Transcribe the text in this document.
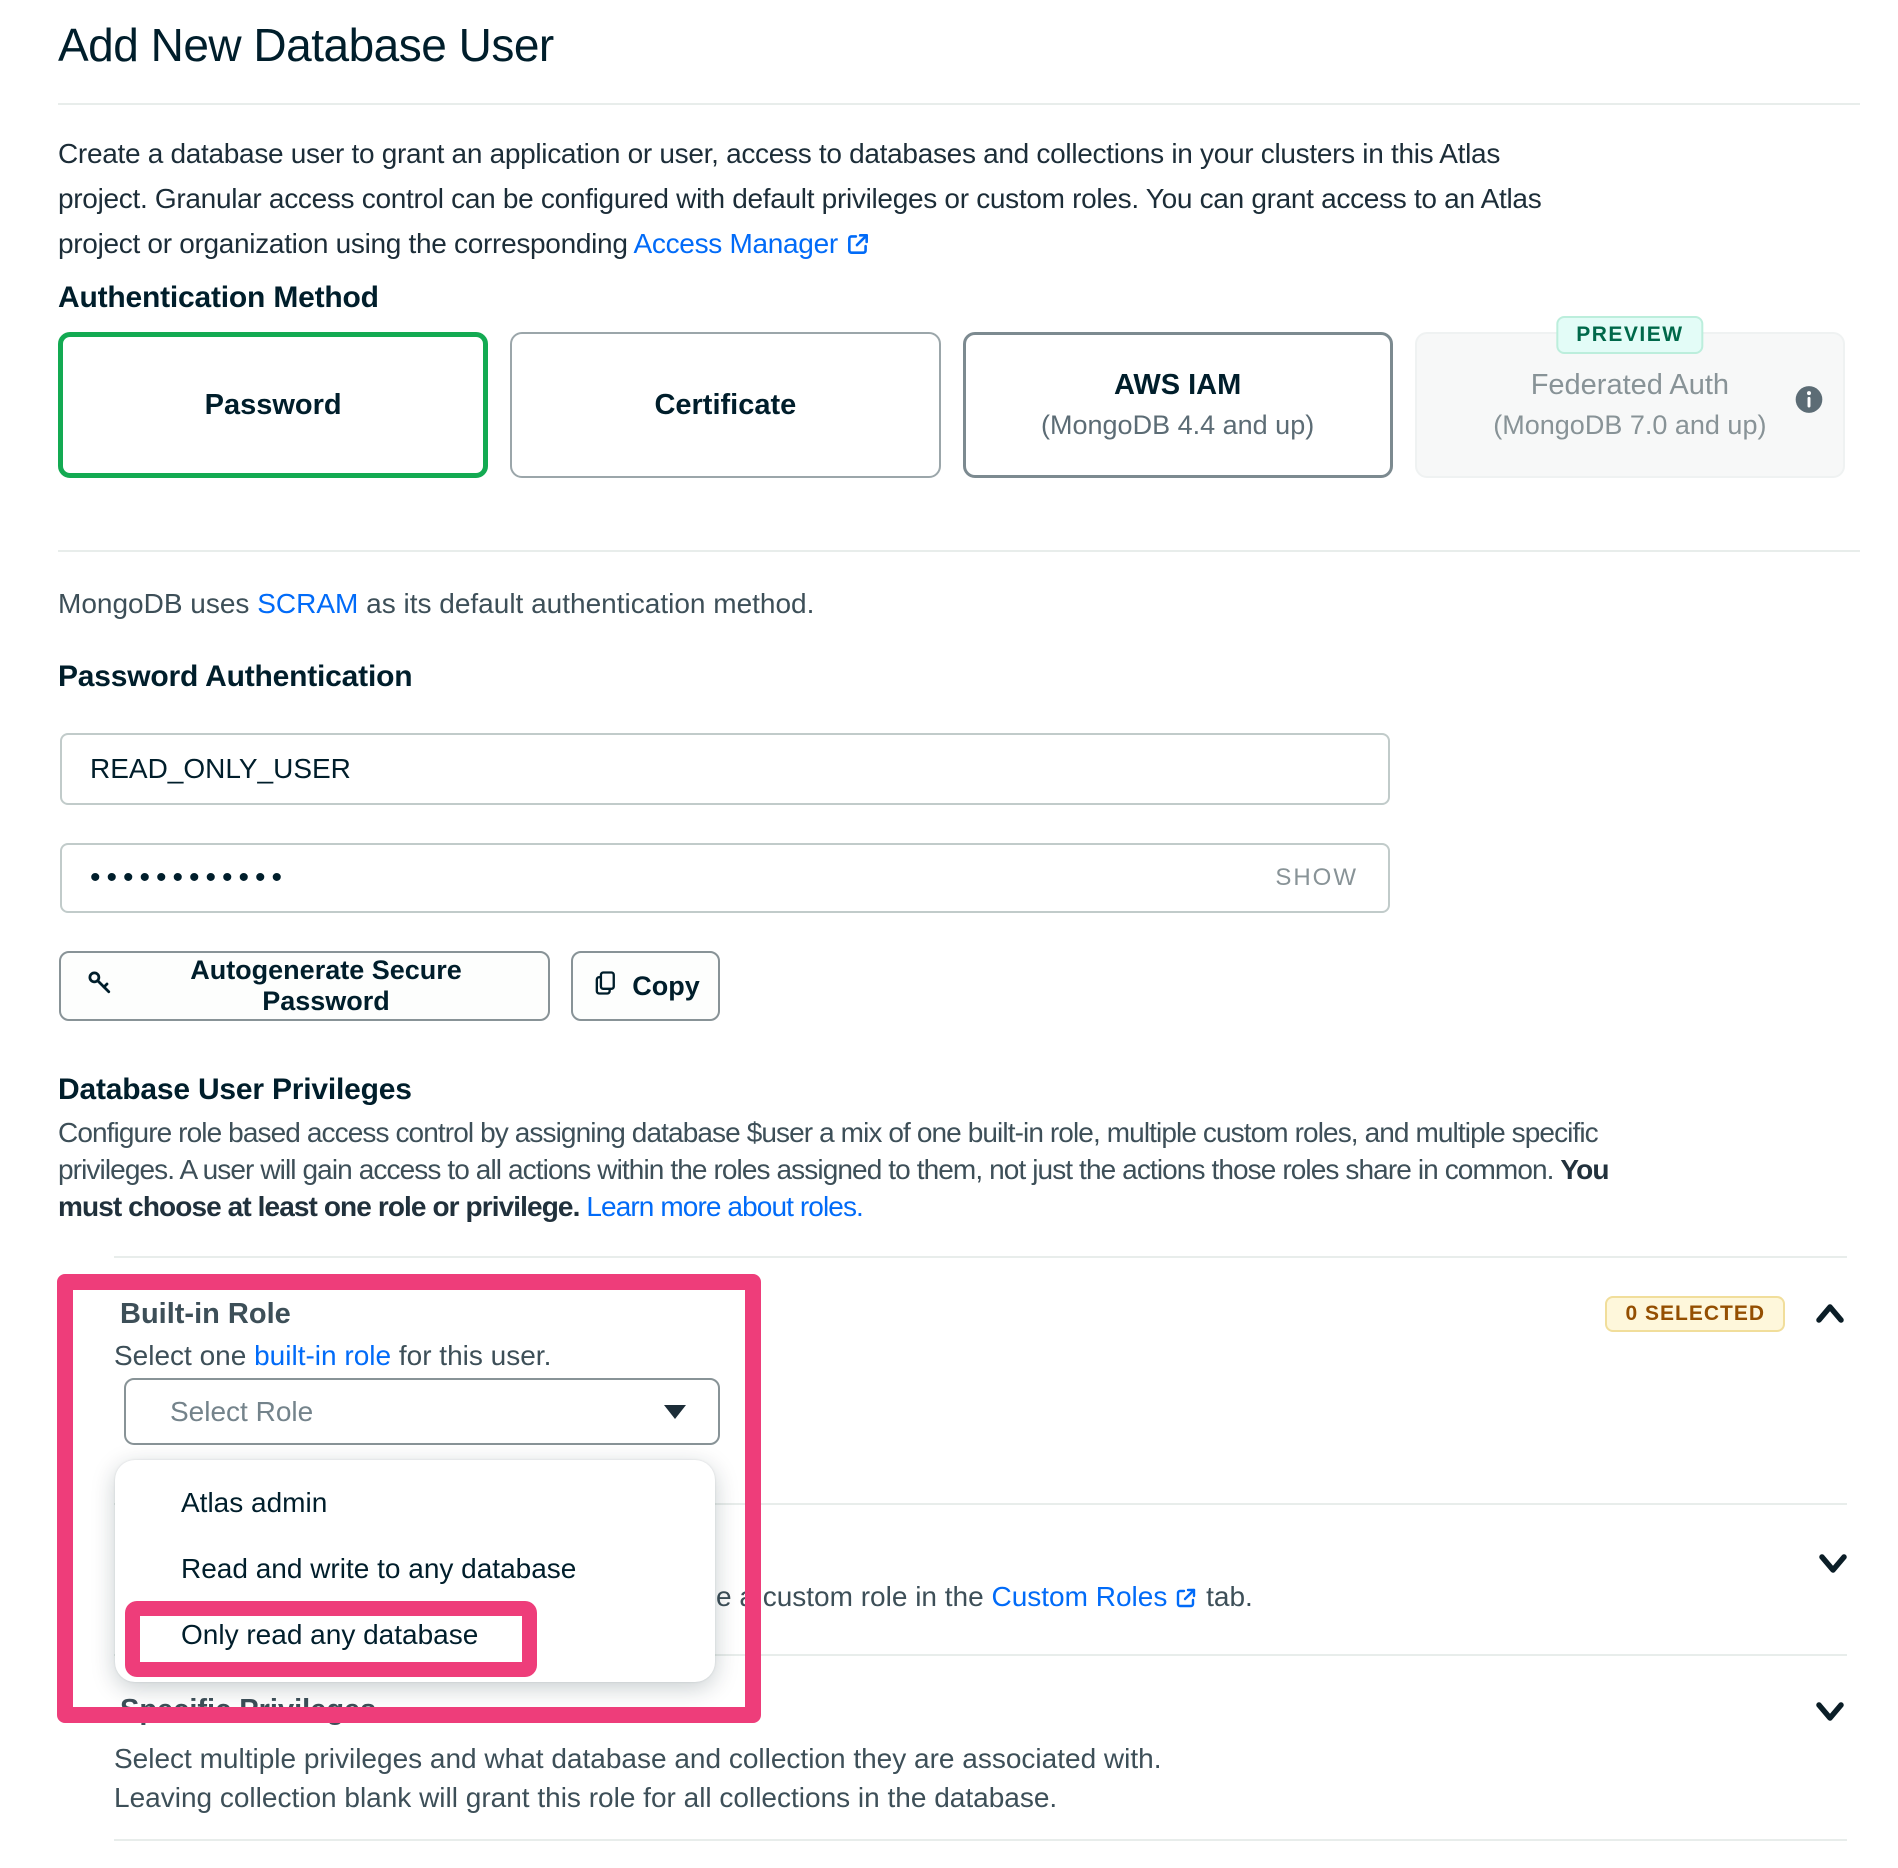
Add New Database User

Create a database user to grant an application or user, access to databases and collections in your clusters in this Atlas
project. Granular access control can be configured with default privileges or custom roles. You can grant access to an Atlas
project or organization using the corresponding Access Manager

Authentication Method
Password	Certificate
AWS IAM
(MongoDB 4.4 and up)
PREVIEW
Federated Auth
(MongoDB 7.0 and up)

MongoDB uses SCRAM as its default authentication method.

Password Authentication
READ_ONLY_USER
••••••••••••	SHOW
Autogenerate Secure Password
Copy
Database User Privileges

Configure role based access control by assigning database $user a mix of one built-in role, multiple custom roles, and multiple specific
privileges. A user will gain access to all actions within the roles assigned to them, not just the actions those roles share in common. You
must choose at least one role or privilege. Learn more about roles.

Built-in Role	0 SELECTED

Select one built-in role for this user.

Select Role

e a custom role in the Custom Roles tab.

Specific Privileges

Select multiple privileges and what database and collection they are associated with.
Leaving collection blank will grant this role for all collections in the database.

Atlas admin
Read and write to any database
Only read any database
